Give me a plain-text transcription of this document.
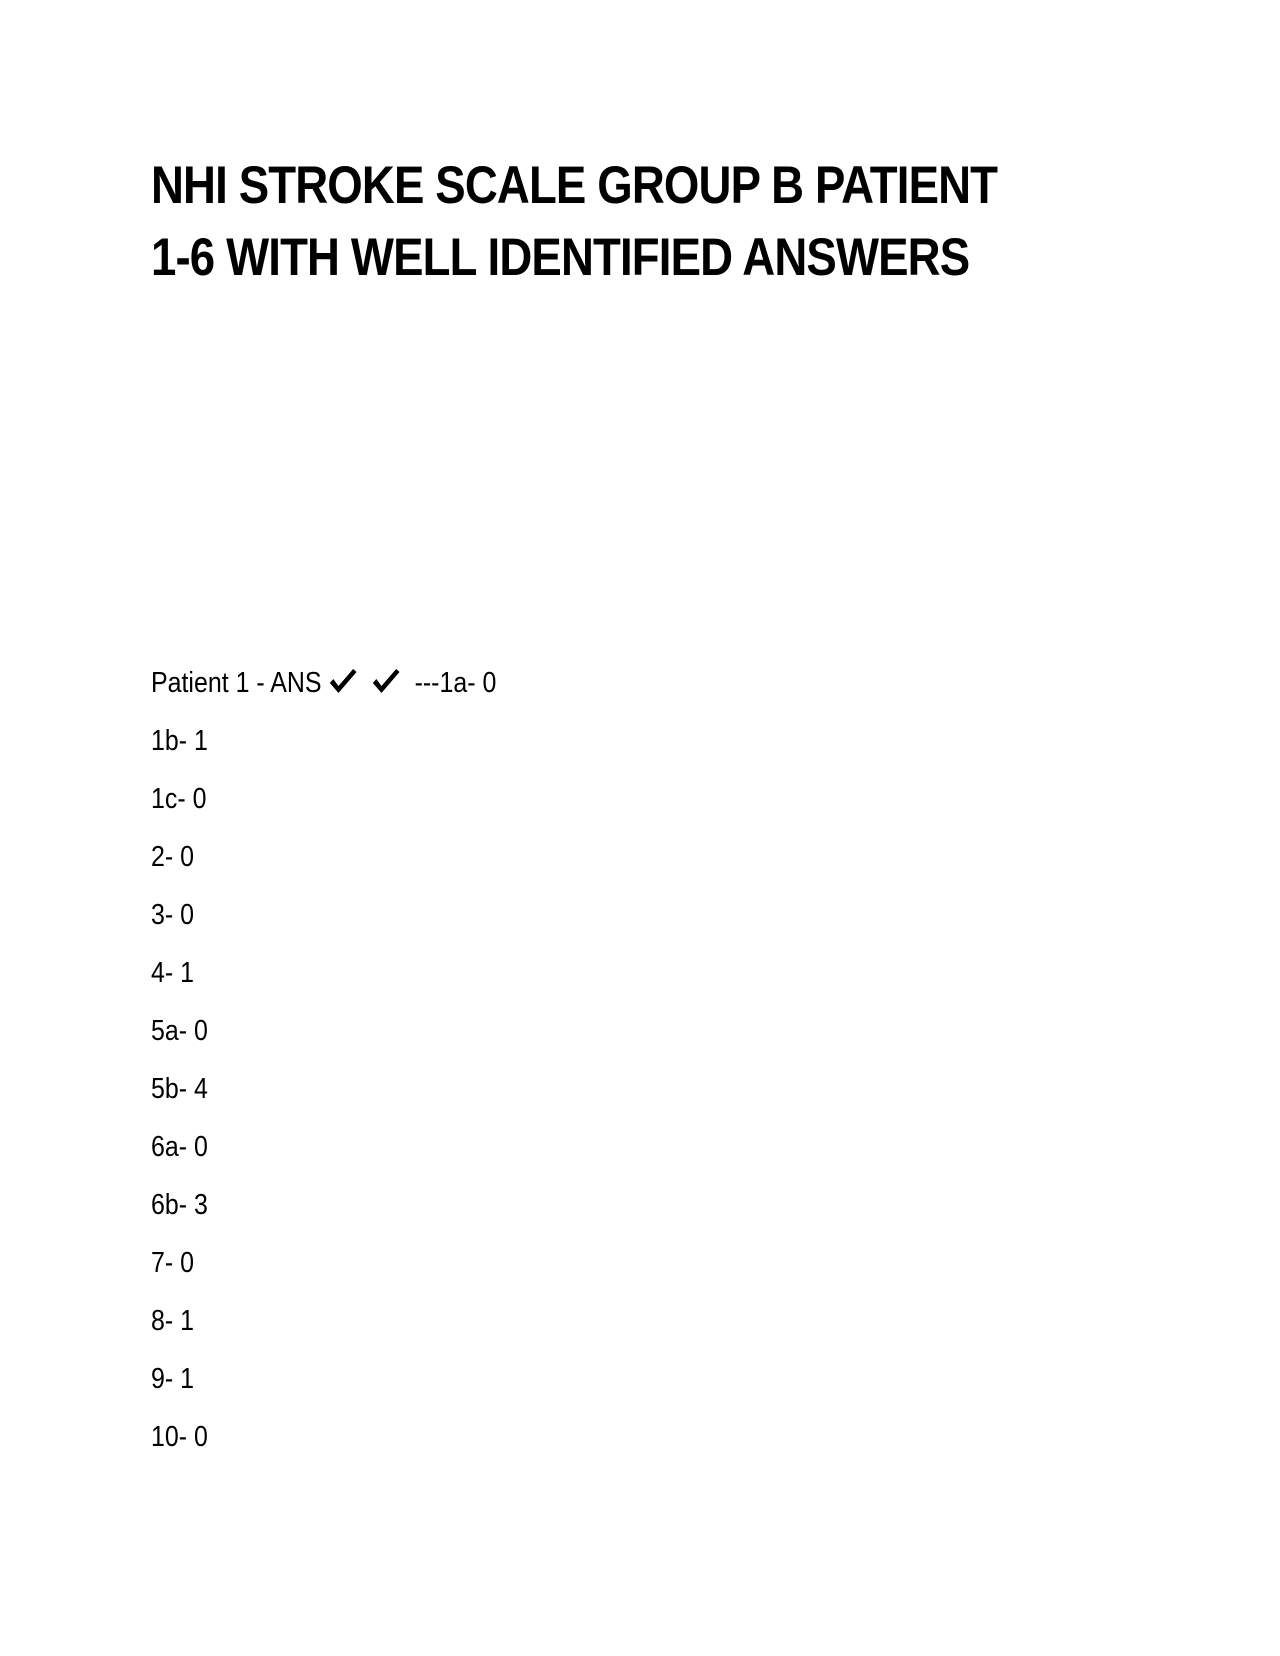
NHI STROKE SCALE GROUP B PATIENT
1-6 WITH WELL IDENTIFIED ANSWERS
Patient 1 - ANS
	---1a- 0
1b- 1
1c- 0
2- 0
3- 0
4- 1
5a- 0
5b- 4
6a- 0
6b- 3
7- 0
8- 1
9- 1
10- 0
